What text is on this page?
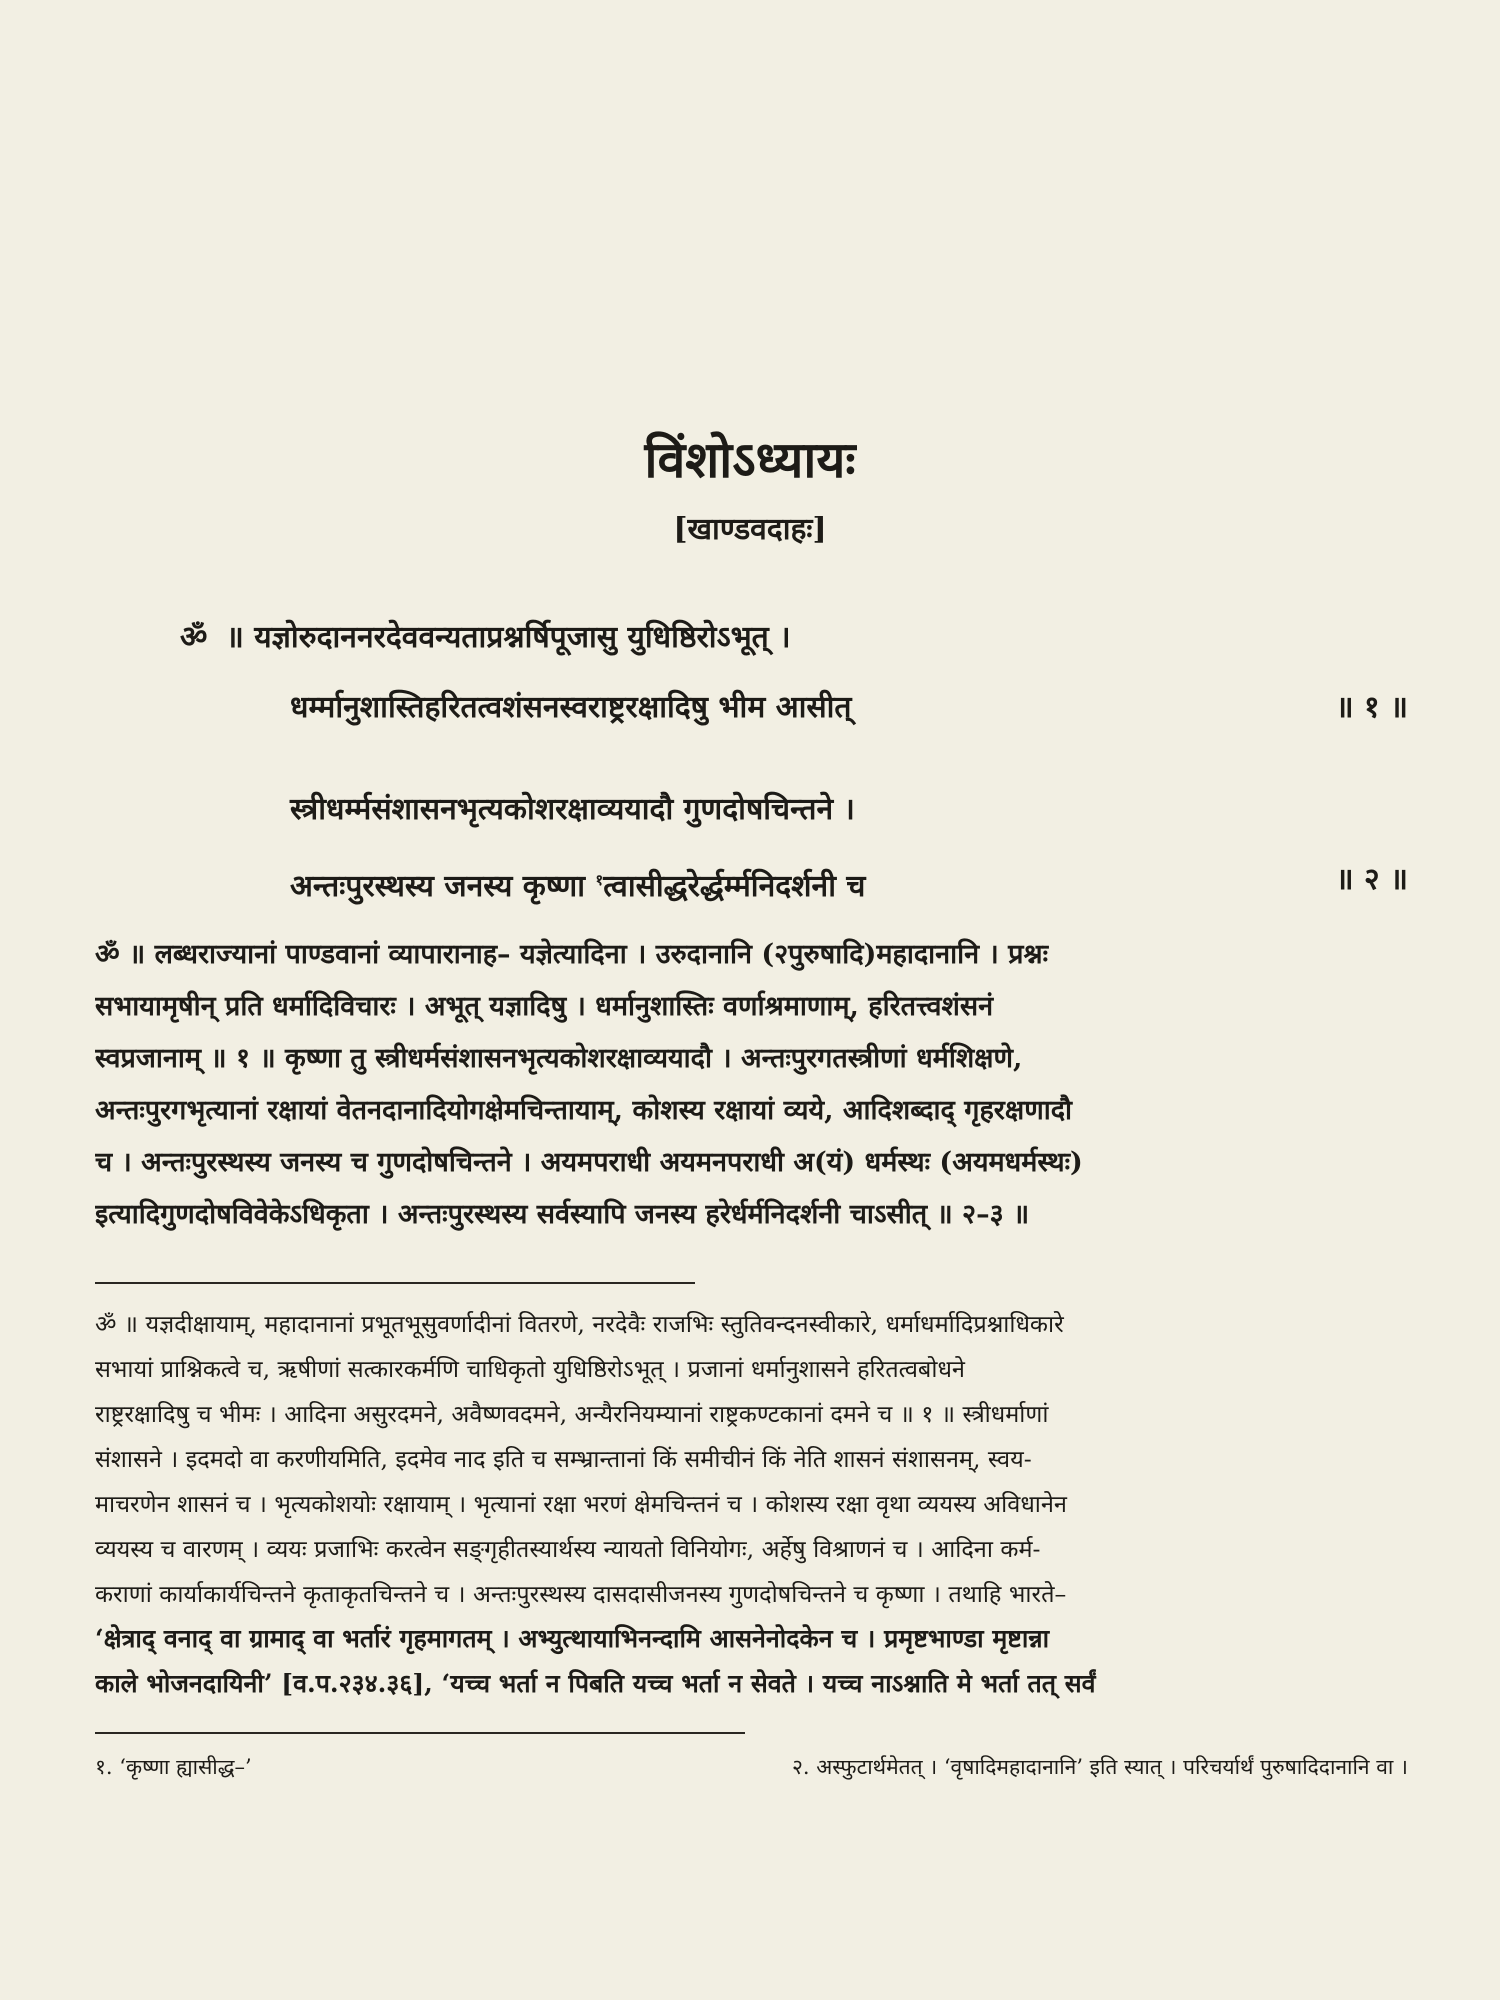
विंशोऽध्यायः
[खाण्डवदाहः]
ॐ ॥ यज्ञोरुदाननरदेववन्यताप्रश्नर्षिपूजासु युधिष्ठिरोऽभूत् ।
धर्म्मानुशास्तिहरितत्वशंसनस्वराष्ट्ररक्षादिषु भीम आसीत्	॥ १ ॥
स्त्रीधर्म्मसंशासनभृत्यकोशरक्षाव्ययादौ गुणदोषचिन्तने ।
अन्तःपुरस्थस्य जनस्य कृष्णा $^१$त्वासीद्धरेर्द्धर्म्मनिदर्शनी च	॥ २ ॥
ॐ ॥ लब्धराज्यानां पाण्डवानां व्यापारानाह– यज्ञेत्यादिना । उरुदानानि (२पुरुषादि)महादानानि । प्रश्नः
सभायामृषीन् प्रति धर्मादिविचारः । अभूत् यज्ञादिषु । धर्मानुशास्तिः वर्णाश्रमाणाम्, हरितत्त्वशंसनं
स्वप्रजानाम् ॥ १ ॥ कृष्णा तु स्त्रीधर्मसंशासनभृत्यकोशरक्षाव्ययादौ । अन्तःपुरगतस्त्रीणां धर्मशिक्षणे,
अन्तःपुरगभृत्यानां रक्षायां वेतनदानादियोगक्षेमचिन्तायाम्, कोशस्य रक्षायां व्यये, आदिशब्दाद् गृहरक्षणादौ
च । अन्तःपुरस्थस्य जनस्य च गुणदोषचिन्तने । अयमपराधी अयमनपराधी अ(यं) धर्मस्थः (अयमधर्मस्थः)
इत्यादिगुणदोषविवेकेऽधिकृता । अन्तःपुरस्थस्य सर्वस्यापि जनस्य हरेर्धर्मनिदर्शनी चाऽसीत् ॥ २–३ ॥
ॐ ॥ यज्ञदीक्षायाम्, महादानानां प्रभूतभूसुवर्णादीनां वितरणे, नरदेवैः राजभिः स्तुतिवन्दनस्वीकारे, धर्माधर्मादिप्रश्नाधिकारे
सभायां प्राश्निकत्वे च, ऋषीणां सत्कारकर्मणि चाधिकृतो युधिष्ठिरोऽभूत् । प्रजानां धर्मानुशासने हरितत्वबोधने
राष्ट्ररक्षादिषु च भीमः । आदिना असुरदमने, अवैष्णवदमने, अन्यैरनियम्यानां राष्ट्रकण्टकानां दमने च ॥ १ ॥ स्त्रीधर्माणां
संशासने । इदमदो वा करणीयमिति, इदमेव नाद इति च सम्भ्रान्तानां किं समीचीनं किं नेति शासनं संशासनम्, स्वय-
माचरणेन शासनं च । भृत्यकोशयोः रक्षायाम् । भृत्यानां रक्षा भरणं क्षेमचिन्तनं च । कोशस्य रक्षा वृथा व्ययस्य अविधानेन
व्ययस्य च वारणम् । व्ययः प्रजाभिः करत्वेन सङ्गृहीतस्यार्थस्य न्यायतो विनियोगः, अर्हेषु विश्राणनं च । आदिना कर्म-
कराणां कार्याकार्यचिन्तने कृताकृतचिन्तने च । अन्तःपुरस्थस्य दासदासीजनस्य गुणदोषचिन्तने च कृष्णा । तथाहि भारते–
‘क्षेत्राद् वनाद् वा ग्रामाद् वा भर्तारं गृहमागतम् । अभ्युत्थायाभिनन्दामि आसनेनोदकेन च । प्रमृष्टभाण्डा मृष्टान्ना
काले भोजनदायिनी’ [व.प.२३४.३६], ‘यच्च भर्ता न पिबति यच्च भर्ता न सेवते । यच्च नाऽश्नाति मे भर्ता तत् सर्वं
१. ‘कृष्णा ह्यासीद्ध–’	२. अस्फुटार्थमेतत् । ‘वृषादिमहादानानि’ इति स्यात् । परिचर्यार्थं पुरुषादिदानानि वा ।
